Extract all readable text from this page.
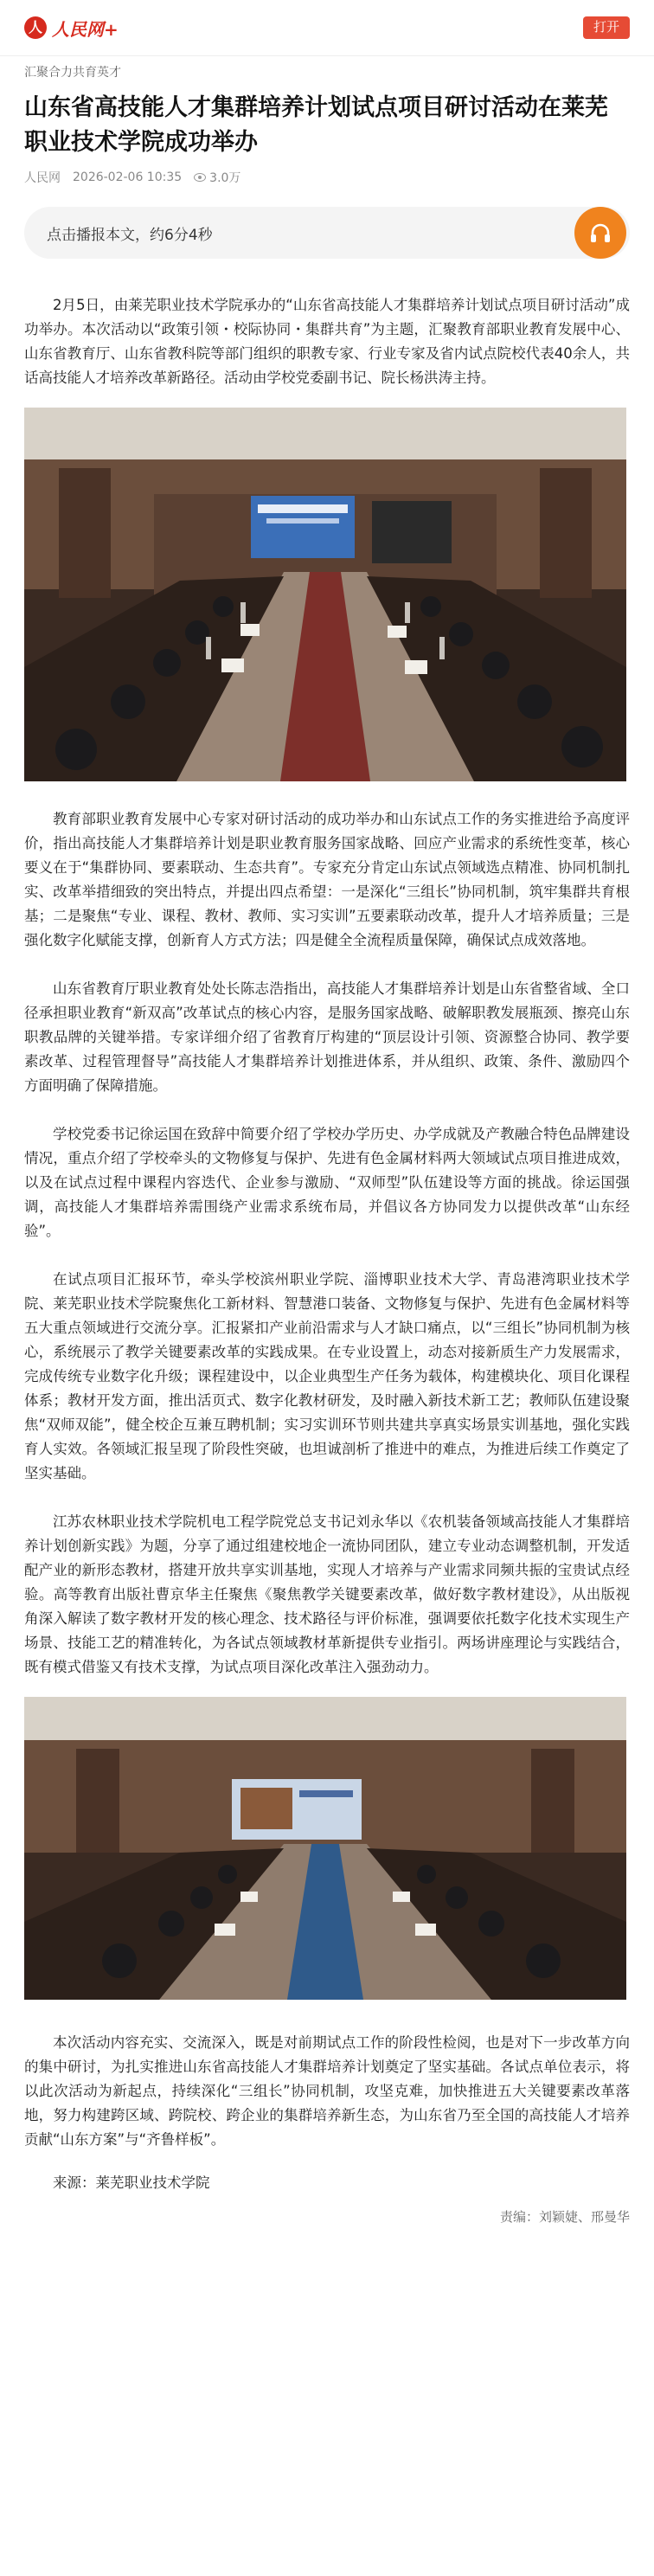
人 人民网+	打开
汇聚合力共育英才
山东省高技能人才集群培养计划试点项目研讨活动在莱芜职业技术学院成功举办
人民网 2026-02-06 10:35 3.0万
点击播报本文，约6分4秒

2月5日，由莱芜职业技术学院承办的“山东省高技能人才集群培养计划试点项目研讨活动”成功举办。本次活动以“政策引领・校际协同・集群共育”为主题，汇聚教育部职业教育发展中心、山东省教育厅、山东省教科院等部门组织的职教专家、行业专家及省内试点院校代表40余人，共话高技能人才培养改革新路径。活动由学校党委副书记、院长杨洪涛主持。

教育部职业教育发展中心专家对研讨活动的成功举办和山东试点工作的务实推进给予高度评价，指出高技能人才集群培养计划是职业教育服务国家战略、回应产业需求的系统性变革，核心要义在于“集群协同、要素联动、生态共育”。专家充分肯定山东试点领域选点精准、协同机制扎实、改革举措细致的突出特点，并提出四点希望：一是深化“三组长”协同机制，筑牢集群共育根基；二是聚焦“专业、课程、教材、教师、实习实训”五要素联动改革，提升人才培养质量；三是强化数字化赋能支撑，创新育人方式方法；四是健全全流程质量保障，确保试点成效落地。

山东省教育厅职业教育处处长陈志浩指出，高技能人才集群培养计划是山东省整省域、全口径承担职业教育“新双高”改革试点的核心内容，是服务国家战略、破解职教发展瓶颈、擦亮山东职教品牌的关键举措。专家详细介绍了省教育厅构建的“顶层设计引领、资源整合协同、教学要素改革、过程管理督导”高技能人才集群培养计划推进体系，并从组织、政策、条件、激励四个方面明确了保障措施。

学校党委书记徐运国在致辞中简要介绍了学校办学历史、办学成就及产教融合特色品牌建设情况，重点介绍了学校牵头的文物修复与保护、先进有色金属材料两大领域试点项目推进成效，以及在试点过程中课程内容迭代、企业参与激励、“双师型”队伍建设等方面的挑战。徐运国强调，高技能人才集群培养需围绕产业需求系统布局，并倡议各方协同发力以提供改革“山东经验”。

在试点项目汇报环节，牵头学校滨州职业学院、淄博职业技术大学、青岛港湾职业技术学院、莱芜职业技术学院聚焦化工新材料、智慧港口装备、文物修复与保护、先进有色金属材料等五大重点领域进行交流分享。汇报紧扣产业前沿需求与人才缺口痛点，以“三组长”协同机制为核心，系统展示了教学关键要素改革的实践成果。在专业设置上，动态对接新质生产力发展需求，完成传统专业数字化升级；课程建设中，以企业典型生产任务为载体，构建模块化、项目化课程体系；教材开发方面，推出活页式、数字化教材研发，及时融入新技术新工艺；教师队伍建设聚焦“双师双能”，健全校企互兼互聘机制；实习实训环节则共建共享真实场景实训基地，强化实践育人实效。各领域汇报呈现了阶段性突破，也坦诚剖析了推进中的难点，为推进后续工作奠定了坚实基础。

江苏农林职业技术学院机电工程学院党总支书记刘永华以《农机装备领域高技能人才集群培养计划创新实践》为题，分享了通过组建校地企一流协同团队，建立专业动态调整机制，开发适配产业的新形态教材，搭建开放共享实训基地，实现人才培养与产业需求同频共振的宝贵试点经验。高等教育出版社曹京华主任聚焦《聚焦教学关键要素改革，做好数字教材建设》，从出版视角深入解读了数字教材开发的核心理念、技术路径与评价标准，强调要依托数字化技术实现生产场景、技能工艺的精准转化，为各试点领域教材革新提供专业指引。两场讲座理论与实践结合，既有模式借鉴又有技术支撑，为试点项目深化改革注入强劲动力。

本次活动内容充实、交流深入，既是对前期试点工作的阶段性检阅，也是对下一步改革方向的集中研讨，为扎实推进山东省高技能人才集群培养计划奠定了坚实基础。各试点单位表示，将以此次活动为新起点，持续深化“三组长”协同机制，攻坚克难，加快推进五大关键要素改革落地，努力构建跨区域、跨院校、跨企业的集群培养新生态，为山东省乃至全国的高技能人才培养贡献“山东方案”与“齐鲁样板”。

来源：莱芜职业技术学院
责编：刘颖婕、邢曼华
